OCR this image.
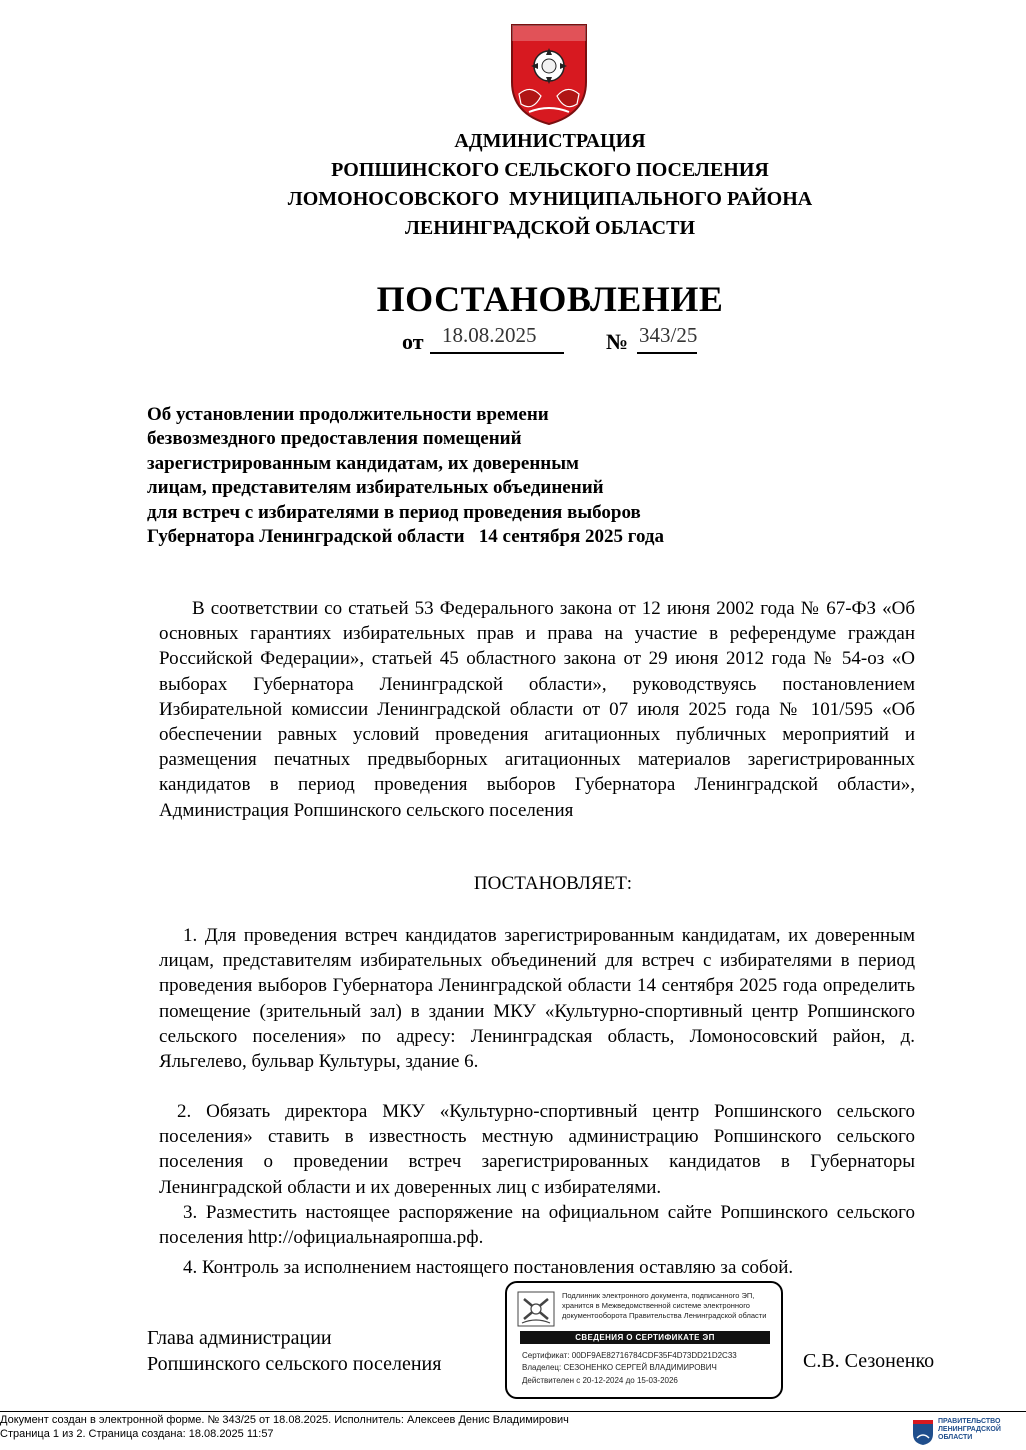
АДМИНИСТРАЦИЯ
РОПШИНСКОГО СЕЛЬСКОГО ПОСЕЛЕНИЯ
ЛОМОНОСОВСКОГО  МУНИЦИПАЛЬНОГО РАЙОНА
ЛЕНИНГРАДСКОЙ ОБЛАСТИ
ПОСТАНОВЛЕНИЕ
от 18.08.2025	№ 343/25
Об установлении продолжительности времени
безвозмездного предоставления помещений
зарегистрированным кандидатам, их доверенным
лицам, представителям избирательных объединений
для встреч с избирателями в период проведения выборов
Губернатора Ленинградской области   14 сентября 2025 года
В соответствии со статьей 53 Федерального закона от 12 июня 2002 года № 67-ФЗ «Об основных гарантиях избирательных прав и права на участие в референдуме граждан Российской Федерации», статьей 45 областного закона от 29 июня 2012 года № 54-оз «О выборах Губернатора Ленинградской области», руководствуясь постановлением Избирательной комиссии Ленинградской области от 07 июля 2025 года № 101/595 «Об обеспечении равных условий проведения агитационных публичных мероприятий и размещения печатных предвыборных агитационных материалов зарегистрированных кандидатов в период проведения выборов Губернатора Ленинградской области», Администрация Ропшинского сельского поселения
ПОСТАНОВЛЯЕТ:
1. Для проведения встреч кандидатов зарегистрированным кандидатам, их доверенным лицам, представителям избирательных объединений для встреч с избирателями в период проведения выборов Губернатора Ленинградской области 14 сентября 2025 года определить помещение (зрительный зал) в здании МКУ «Культурно-спортивный центр Ропшинского сельского поселения» по адресу: Ленинградская область, Ломоносовский район, д. Яльгелево, бульвар Культуры, здание 6.
2. Обязать директора МКУ «Культурно-спортивный центр Ропшинского сельского поселения» ставить в известность местную администрацию Ропшинского сельского поселения о проведении встреч зарегистрированных кандидатов в Губернаторы Ленинградской области и их доверенных лиц с избирателями.
3. Разместить настоящее распоряжение на официальном сайте Ропшинского сельского поселения http://официальнаяропша.рф.
4. Контроль за исполнением настоящего постановления оставляю за собой.
Глава администрации
Ропшинского сельского поселения	С.В. Сезоненко
Подлинник электронного документа, подписанного ЭП,
хранится в Межведомственной системе электронного
документооборота Правительства Ленинградской области
СВЕДЕНИЯ О СЕРТИФИКАТЕ ЭП
Сертификат: 00DF9AE82716784CDF35F4D73DD21D2C33
Владелец: СЕЗОНЕНКО СЕРГЕЙ ВЛАДИМИРОВИЧ
Действителен с 20-12-2024 до 15-03-2026
Документ создан в электронной форме. № 343/25 от 18.08.2025. Исполнитель: Алексеев Денис Владимирович
Страница 1 из 2. Страница создана: 18.08.2025 11:57
ПРАВИТЕЛЬСТВО
ЛЕНИНГРАДСКОЙ
ОБЛАСТИ
